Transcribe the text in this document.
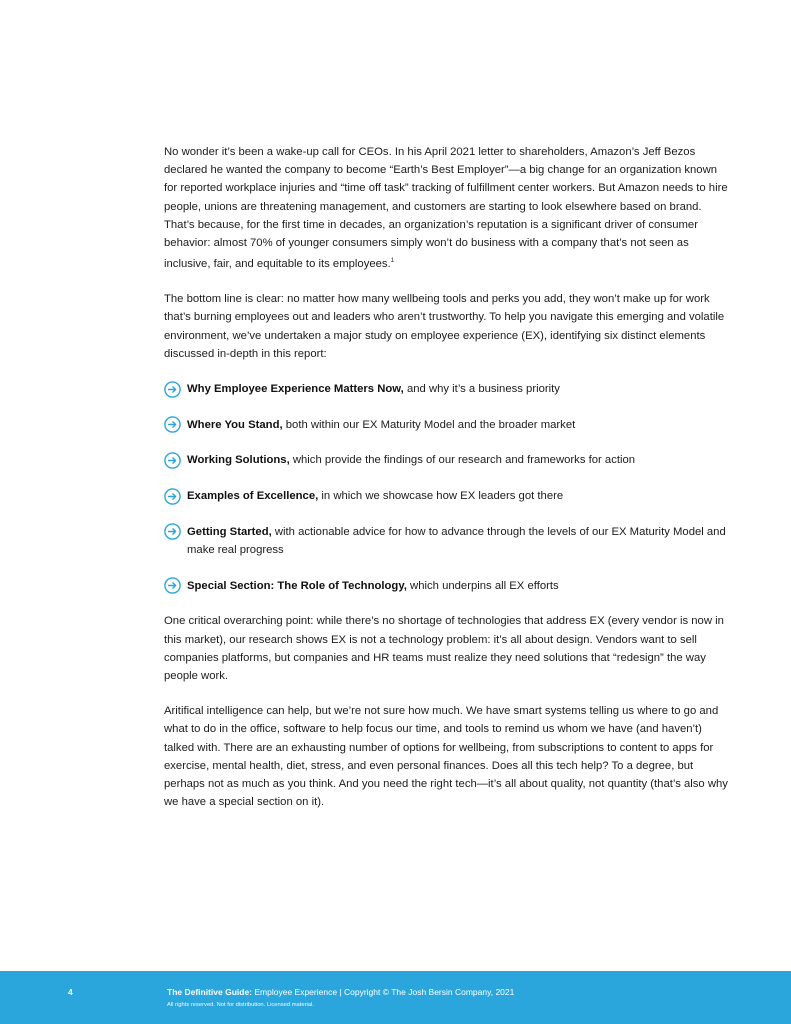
No wonder it’s been a wake-up call for CEOs. In his April 2021 letter to shareholders, Amazon’s Jeff Bezos declared he wanted the company to become “Earth’s Best Employer”—a big change for an organization known for reported workplace injuries and “time off task” tracking of fulfillment center workers. But Amazon needs to hire people, unions are threatening management, and customers are starting to look elsewhere based on brand. That’s because, for the first time in decades, an organization’s reputation is a significant driver of consumer behavior: almost 70% of younger consumers simply won’t do business with a company that’s not seen as inclusive, fair, and equitable to its employees.$^1$

The bottom line is clear: no matter how many wellbeing tools and perks you add, they won’t make up for work that’s burning employees out and leaders who aren’t trustworthy. To help you navigate this emerging and volatile environment, we’ve undertaken a major study on employee experience (EX), identifying six distinct elements discussed in-depth in this report:

Why Employee Experience Matters Now, and why it’s a business priority
Where You Stand, both within our EX Maturity Model and the broader market
Working Solutions, which provide the findings of our research and frameworks for action
Examples of Excellence, in which we showcase how EX leaders got there
Getting Started, with actionable advice for how to advance through the levels of our EX Maturity Model and make real progress
Special Section: The Role of Technology, which underpins all EX efforts

One critical overarching point: while there’s no shortage of technologies that address EX (every vendor is now in this market), our research shows EX is not a technology problem: it’s all about design. Vendors want to sell companies platforms, but companies and HR teams must realize they need solutions that “redesign” the way people work.

Aritifical intelligence can help, but we’re not sure how much. We have smart systems telling us where to go and what to do in the office, software to help focus our time, and tools to remind us whom we have (and haven’t) talked with. There are an exhausting number of options for wellbeing, from subscriptions to content to apps for exercise, mental health, diet, stress, and even personal finances. Does all this tech help? To a degree, but perhaps not as much as you think. And you need the right tech—it’s all about quality, not quantity (that’s also why we have a special section on it).

4	The Definitive Guide: Employee Experience | Copyright © The Josh Bersin Company, 2021
All rights reserved. Not for distribution. Licensed material.
